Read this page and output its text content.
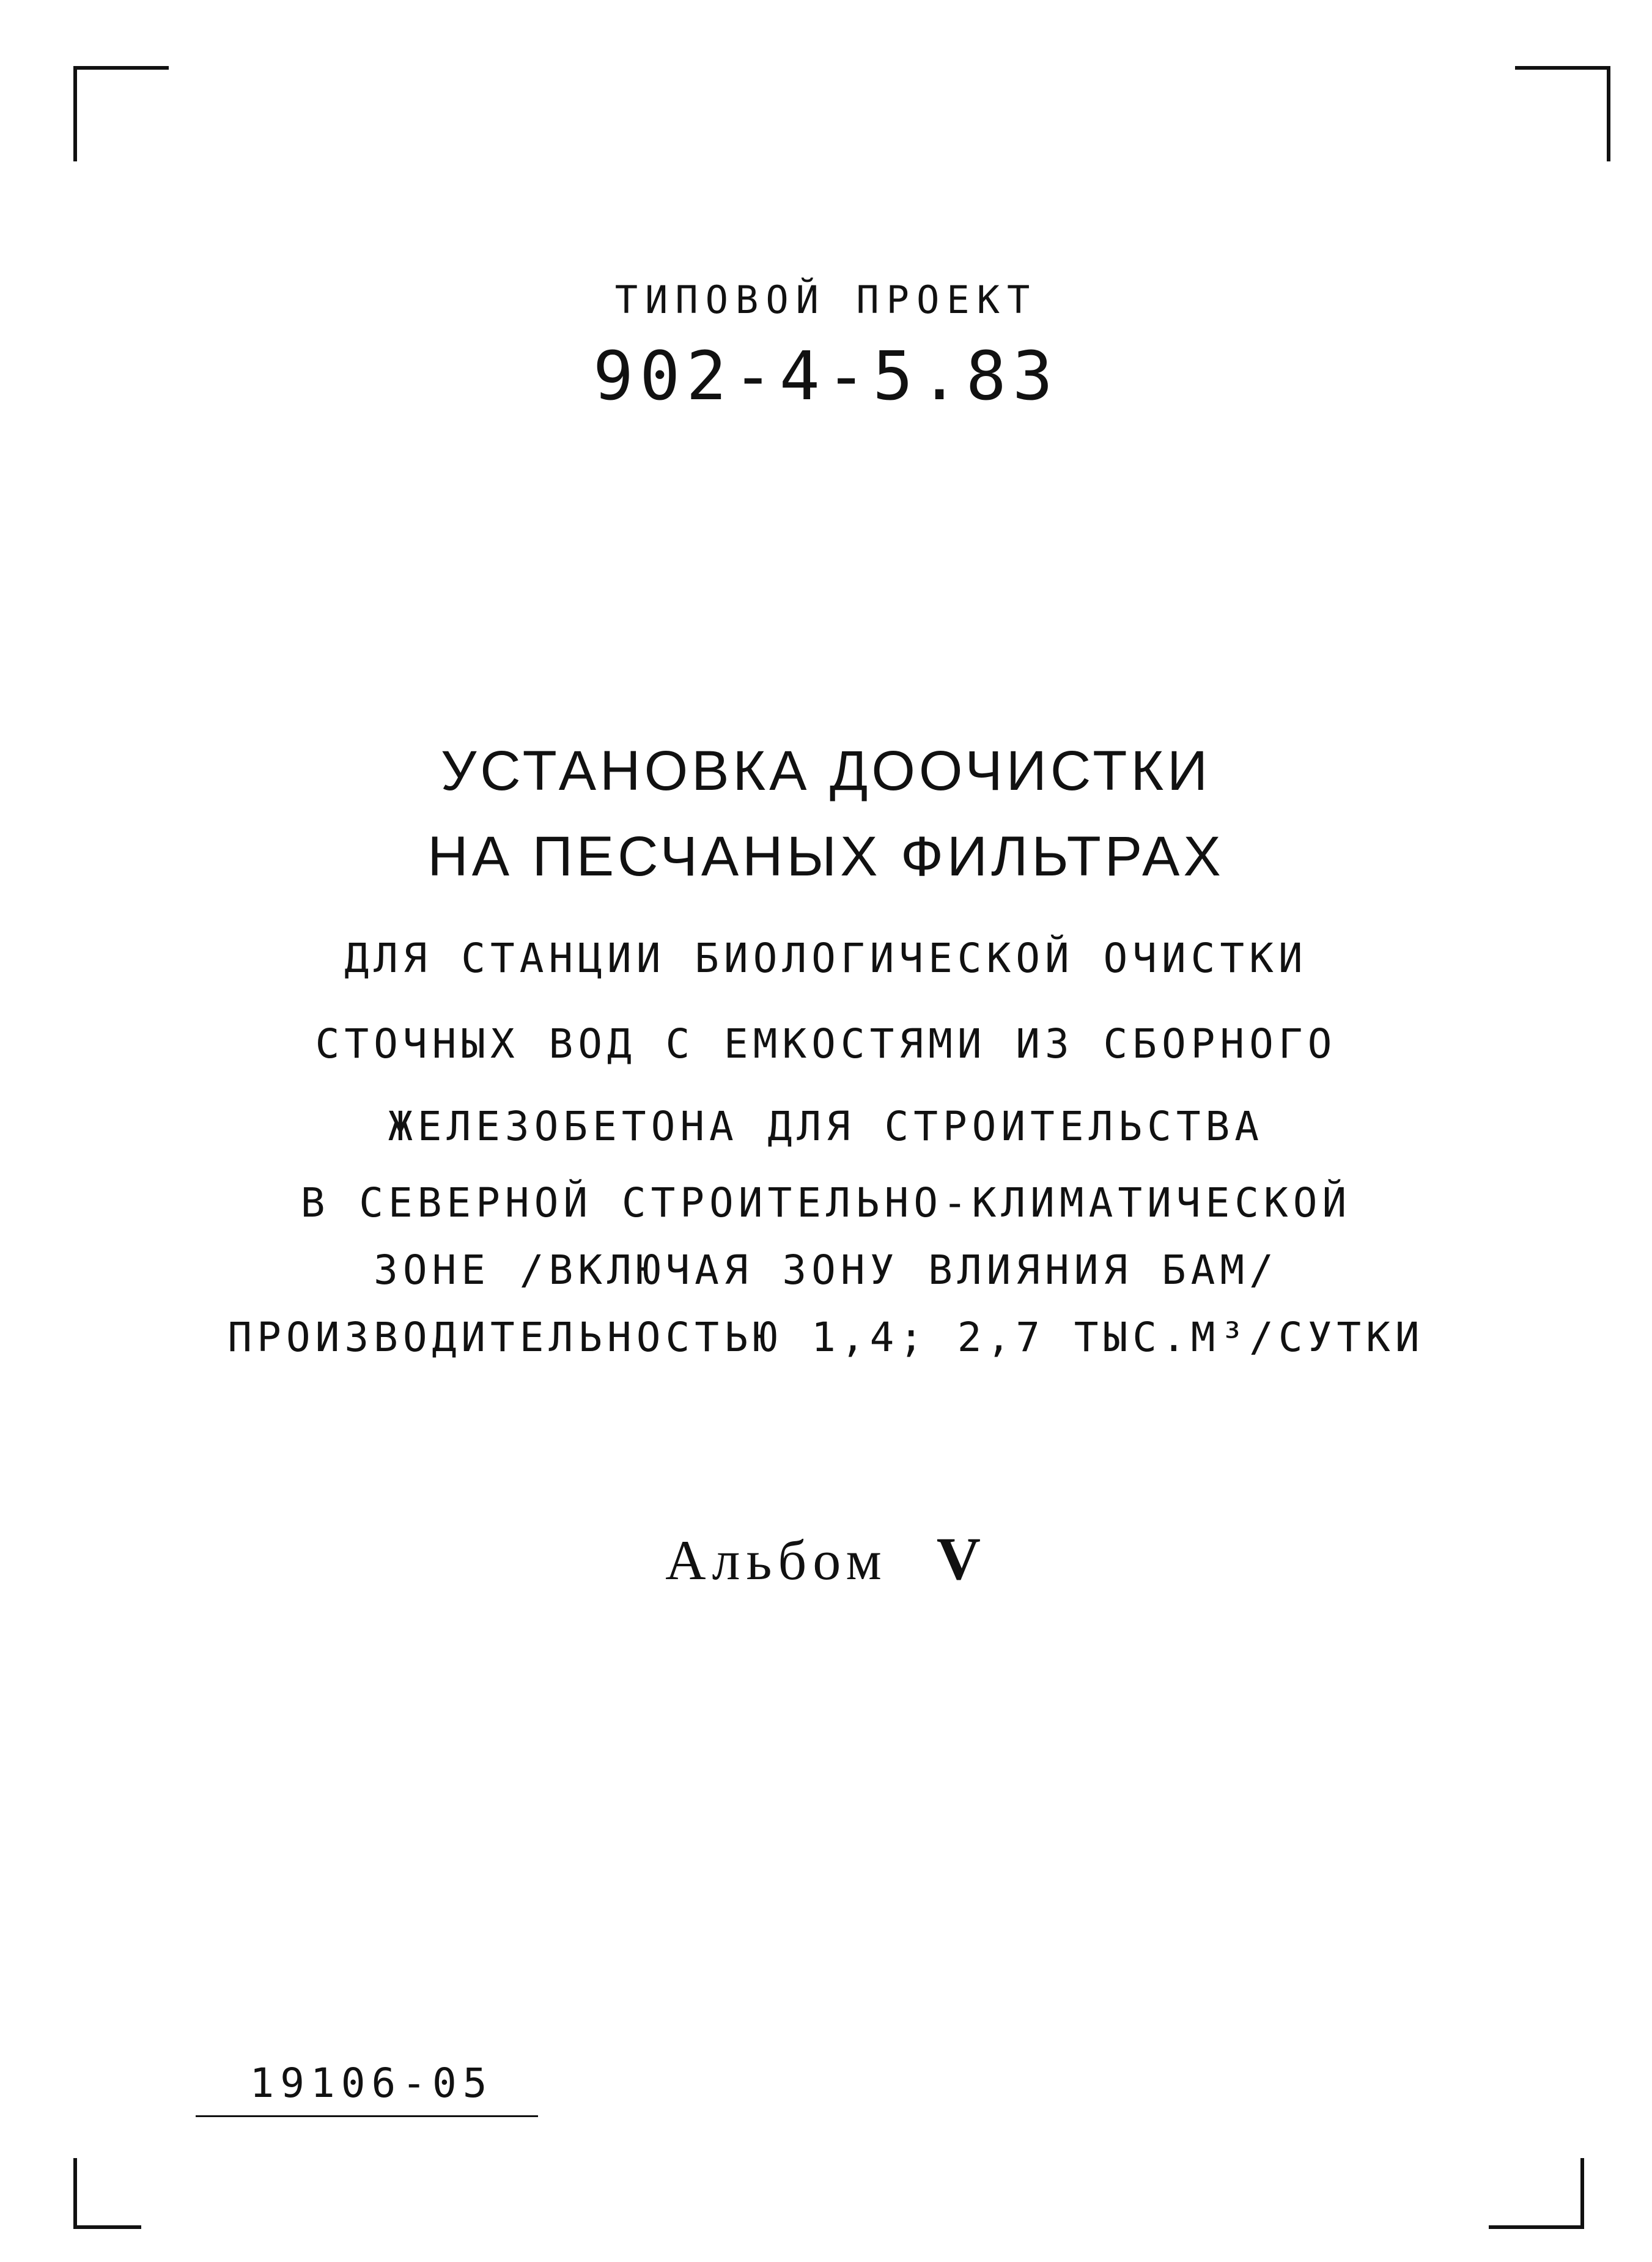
ТИПОВОЙ ПРОЕКТ
902-4-5.83
УСТАНОВКА ДООЧИСТКИ
НА ПЕСЧАНЫХ ФИЛЬТРАХ
ДЛЯ СТАНЦИИ БИОЛОГИЧЕСКОЙ ОЧИСТКИ
СТОЧНЫХ ВОД С ЕМКОСТЯМИ ИЗ СБОРНОГО
ЖЕЛЕЗОБЕТОНА ДЛЯ СТРОИТЕЛЬСТВА
В СЕВЕРНОЙ СТРОИТЕЛЬНО-КЛИМАТИЧЕСКОЙ
ЗОНЕ /ВКЛЮЧАЯ ЗОНУ ВЛИЯНИЯ БАМ/
ПРОИЗВОДИТЕЛЬНОСТЬЮ 1,4; 2,7 ТЫС.М³/СУТКИ
Альбом V
19106-05
